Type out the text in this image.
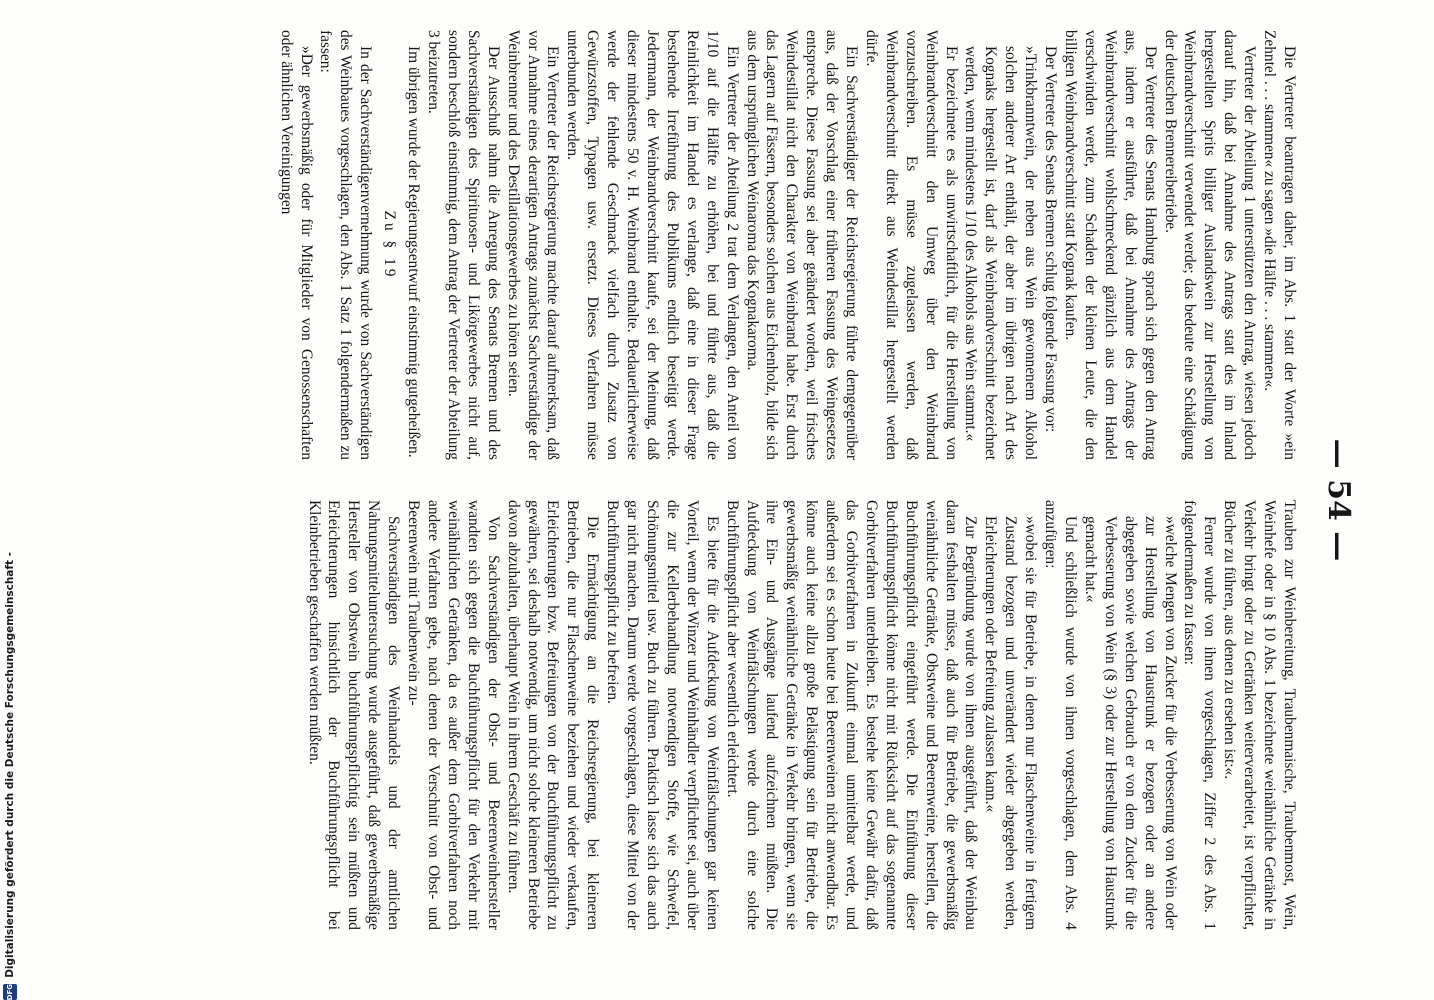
— 54 —

Die Vertreter beantragen daher, im Abs. 1 statt der Worte »ein Zehntel . . . stammen« zu sagen »die Hälfte . . . stammen«.

Vertreter der Abteilung 1 unterstützten den Antrag, wiesen jedoch darauf hin, daß bei Annahme des Antrags statt des im Inland hergestellten Sprits billiger Auslandswein zur Herstellung von Weinbrandverschnitt verwendet werde; das bedeute eine Schädigung der deutschen Brennereibetriebe.

Der Vertreter des Senats Hamburg sprach sich gegen den Antrag aus, indem er ausführte, daß bei Annahme des Antrags der Weinbrandverschnitt wohlschmeckend gänzlich aus dem Handel verschwinden werde, zum Schaden der kleinen Leute, die den billigen Weinbrandverschnitt statt Kognak kaufen.

Der Vertreter des Senats Bremen schlug folgende Fassung vor:

»Trinkbranntwein, der neben aus Wein gewonnenem Alkohol solchen anderer Art enthält, der aber im übrigen nach Art des Kognaks hergestellt ist, darf als Weinbrandverschnitt bezeichnet werden, wenn mindestens 1/10 des Alkohols aus Wein stammt.«

Er bezeichnete es als unwirtschaftlich, für die Herstellung von Weinbrandverschnitt den Umweg über den Weinbrand vorzuschreiben. Es müsse zugelassen werden, daß Weinbrandverschnitt direkt aus Weindestillat hergestellt werden dürfe.

Ein Sachverständiger der Reichsregierung führte demgegenüber aus, daß der Vorschlag einer früheren Fassung des Weingesetzes entspreche. Diese Fassung sei aber geändert worden, weil frisches Weindestillat nicht den Charakter von Weinbrand habe. Erst durch das Lagern auf Fässern, besonders solchen aus Eichenholz, bilde sich aus dem ursprünglichen Weinaroma das Kognakaroma.

Ein Vertreter der Abteilung 2 trat dem Verlangen, den Anteil von 1/10 auf die Hälfte zu erhöhen, bei und führte aus, daß die Reinlichkeit im Handel es verlange, daß eine in dieser Frage bestehende Irreführung des Publikums endlich beseitigt werde. Jedermann, der Weinbrandverschnitt kaufe, sei der Meinung, daß dieser mindestens 50 v. H. Weinbrand enthalte. Bedauerlicherweise werde der fehlende Geschmack vielfach durch Zusatz von Gewürzstoffen, Typagen usw. ersetzt. Dieses Verfahren müsse unterbunden werden.

Ein Vertreter der Reichsregierung machte darauf aufmerksam, daß vor Annahme eines derartigen Antrags zunächst Sachverständige der Weinbrenner und des Destillationsgewerbes zu hören seien.

Der Ausschuß nahm die Anregung des Senats Bremen und des Sachverständigen des Spirituosen- und Likörgewerbes nicht auf, sondern beschloß einstimmig, dem Antrag der Vertreter der Abteilung 3 beizutreten.

Im übrigen wurde der Regierungsentwurf einstimmig gutgeheißen.

Zu § 19

In der Sachverständigenvernehmung wurde von Sachverständigen des Weinbaues vorgeschlagen, den Abs. 1 Satz 1 folgendermaßen zu fassen:

»Der gewerbsmäßig oder für Mitglieder von Genossenschaften oder ähnlichen Vereinigungen

Trauben zur Weinbereitung, Traubenmaische, Traubenmost, Wein, Weinhefe oder in § 10 Abs. 1 bezeichnete weinähnliche Getränke in Verkehr bringt oder zu Getränken weiterverarbeitet, ist verpflichtet, Bücher zu führen, aus denen zu ersehen ist:«.

Ferner wurde von ihnen vorgeschlagen, Ziffer 2 des Abs. 1 folgendermaßen zu fassen:

»welche Mengen von Zucker für die Verbesserung von Wein oder zur Herstellung von Haustrunk er bezogen oder an andere abgegeben sowie welchen Gebrauch er von dem Zucker für die Verbesserung von Wein (§ 3) oder zur Herstellung von Haustrunk gemacht hat.«

Und schließlich wurde von ihnen vorgeschlagen, dem Abs. 4 anzufügen:

»wobei sie für Betriebe, in denen nur Flaschenweine in fertigem Zustand bezogen und unverändert wieder abgegeben werden, Erleichterungen oder Befreiung zulassen kann.«

Zur Begründung wurde von ihnen ausgeführt, daß der Weinbau daran festhalten müsse, daß auch für Betriebe, die gewerbsmäßig weinähnliche Getränke, Obstweine und Beerenweine, herstellen, die Buchführungspflicht eingeführt werde. Die Einführung dieser Buchführungspflicht könne nicht mit Rücksicht auf das sogenannte Gorbitverfahren unterbleiben. Es bestehe keine Gewähr dafür, daß das Gorbitverfahren in Zukunft einmal unmittelbar werde, und außerdem sei es schon heute bei Beerenweinen nicht anwendbar. Es könne auch keine allzu große Belästigung sein für Betriebe, die gewerbsmäßig weinähnliche Getränke in Verkehr bringen, wenn sie ihre Ein- und Ausgänge laufend aufzeichnen müßten. Die Aufdeckung von Weinfälschungen werde durch eine solche Buchführungspflicht aber wesentlich erleichtert.

Es biete für die Aufdeckung von Weinfälschungen gar keinen Vorteil, wenn der Winzer und Weinhändler verpflichtet sei, auch über die zur Kellerbehandlung notwendigen Stoffe, wie Schwefel, Schönungsmittel usw. Buch zu führen. Praktisch lasse sich das auch gar nicht machen. Darum werde vorgeschlagen, diese Mittel von der Buchführungspflicht zu befreien.

Die Ermächtigung an die Reichsregierung, bei kleineren Betrieben, die nur Flaschenweine beziehen und wieder verkaufen, Erleichterungen bzw. Befreiungen von der Buchführungspflicht zu gewähren, sei deshalb notwendig, um nicht solche kleineren Betriebe davon abzuhalten, überhaupt Wein in ihrem Geschäft zu führen.

Von Sachverständigen der Obst- und Beerenweinhersteller wandten sich gegen die Buchführungspflicht für den Verkehr mit weinähnlichen Getränken, da es außer dem Gorbitverfahren noch andere Verfahren gebe, nach denen der Verschnitt von Obst- und Beerenwein mit Traubenwein zu-

Sachverständigen des Weinhandels und der amtlichen Nahrungsmitteluntersuchung wurde ausgeführt, daß gewerbsmäßige Hersteller von Obstwein buchführungspflichtig sein müßten und Erleichterungen hinsichtlich der Buchführungspflicht bei Kleinbetrieben geschaffen werden müßten.

Digitalisierung gefördert durch die Deutsche Forschungsgemeinschaft -
DFG
